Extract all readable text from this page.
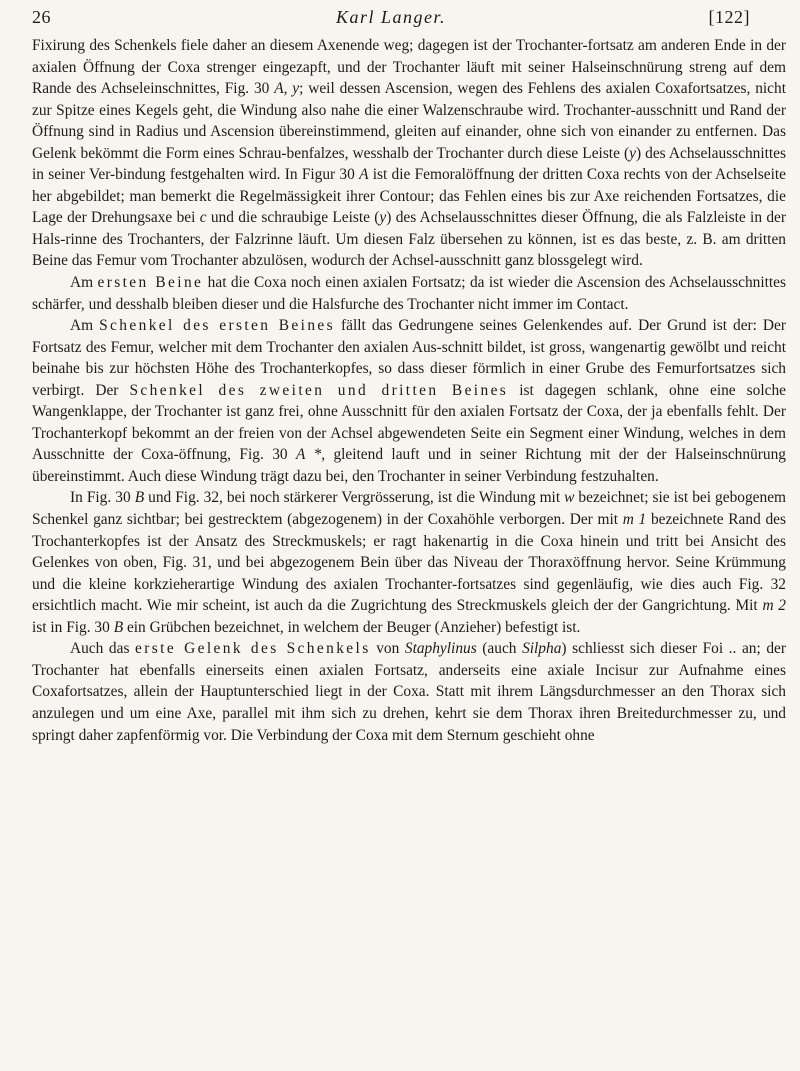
26	Karl Langer.	[122]

Fixirung des Schenkels fiele daher an diesem Axenende weg; dagegen ist der Trochanter-fortsatz am anderen Ende in der axialen Öffnung der Coxa strenger eingezapft, und der Trochanter läuft mit seiner Halseinschnürung streng auf dem Rande des Achseleinschnittes, Fig. 30 A, y; weil dessen Ascension, wegen des Fehlens des axialen Coxafortsatzes, nicht zur Spitze eines Kegels geht, die Windung also nahe die einer Walzenschraube wird. Trochanter-ausschnitt und Rand der Öffnung sind in Radius und Ascension übereinstimmend, gleiten auf einander, ohne sich von einander zu entfernen. Das Gelenk bekömmt die Form eines Schrau-benfalzes, wesshalb der Trochanter durch diese Leiste (y) des Achselausschnittes in seiner Ver-bindung festgehalten wird. In Figur 30 A ist die Femoralöffnung der dritten Coxa rechts von der Achselseite her abgebildet; man bemerkt die Regelmässigkeit ihrer Contour; das Fehlen eines bis zur Axe reichenden Fortsatzes, die Lage der Drehungsaxe bei c und die schraubige Leiste (y) des Achselausschnittes dieser Öffnung, die als Falzleiste in der Hals-rinne des Trochanters, der Falzrinne läuft. Um diesen Falz übersehen zu können, ist es das beste, z. B. am dritten Beine das Femur vom Trochanter abzulösen, wodurch der Achsel-ausschnitt ganz blossgelegt wird.

Am ersten Beine hat die Coxa noch einen axialen Fortsatz; da ist wieder die Ascension des Achselausschnittes schärfer, und desshalb bleiben dieser und die Halsfurche des Trochanter nicht immer im Contact.

Am Schenkel des ersten Beines fällt das Gedrungene seines Gelenkendes auf. Der Grund ist der: Der Fortsatz des Femur, welcher mit dem Trochanter den axialen Aus-schnitt bildet, ist gross, wangenartig gewölbt und reicht beinahe bis zur höchsten Höhe des Trochanterkopfes, so dass dieser förmlich in einer Grube des Femurfortsatzes sich verbirgt. Der Schenkel des zweiten und dritten Beines ist dagegen schlank, ohne eine solche Wangenklappe, der Trochanter ist ganz frei, ohne Ausschnitt für den axialen Fortsatz der Coxa, der ja ebenfalls fehlt. Der Trochanterkopf bekommt an der freien von der Achsel abgewendeten Seite ein Segment einer Windung, welches in dem Ausschnitte der Coxa-öffnung, Fig. 30 A *, gleitend lauft und in seiner Richtung mit der der Halseinschnürung übereinstimmt. Auch diese Windung trägt dazu bei, den Trochanter in seiner Verbindung festzuhalten.

In Fig. 30 B und Fig. 32, bei noch stärkerer Vergrösserung, ist die Windung mit w bezeichnet; sie ist bei gebogenem Schenkel ganz sichtbar; bei gestrecktem (abgezogenem) in der Coxahöhle verborgen. Der mit m 1 bezeichnete Rand des Trochanterkopfes ist der Ansatz des Streckmuskels; er ragt hakenartig in die Coxa hinein und tritt bei Ansicht des Gelenkes von oben, Fig. 31, und bei abgezogenem Bein über das Niveau der Thoraxöffnung hervor. Seine Krümmung und die kleine korkzieherartige Windung des axialen Trochanter-fortsatzes sind gegenläufig, wie dies auch Fig. 32 ersichtlich macht. Wie mir scheint, ist auch da die Zugrichtung des Streckmuskels gleich der der Gangrichtung. Mit m 2 ist in Fig. 30 B ein Grübchen bezeichnet, in welchem der Beuger (Anzieher) befestigt ist.

Auch das erste Gelenk des Schenkels von Staphylinus (auch Silpha) schliesst sich dieser Foi .. an; der Trochanter hat ebenfalls einerseits einen axialen Fortsatz, anderseits eine axiale Incisur zur Aufnahme eines Coxafortsatzes, allein der Hauptunterschied liegt in der Coxa. Statt mit ihrem Längsdurchmesser an den Thorax sich anzulegen und um eine Axe, parallel mit ihm sich zu drehen, kehrt sie dem Thorax ihren Breitedurchmesser zu, und springt daher zapfenförmig vor. Die Verbindung der Coxa mit dem Sternum geschieht ohne
